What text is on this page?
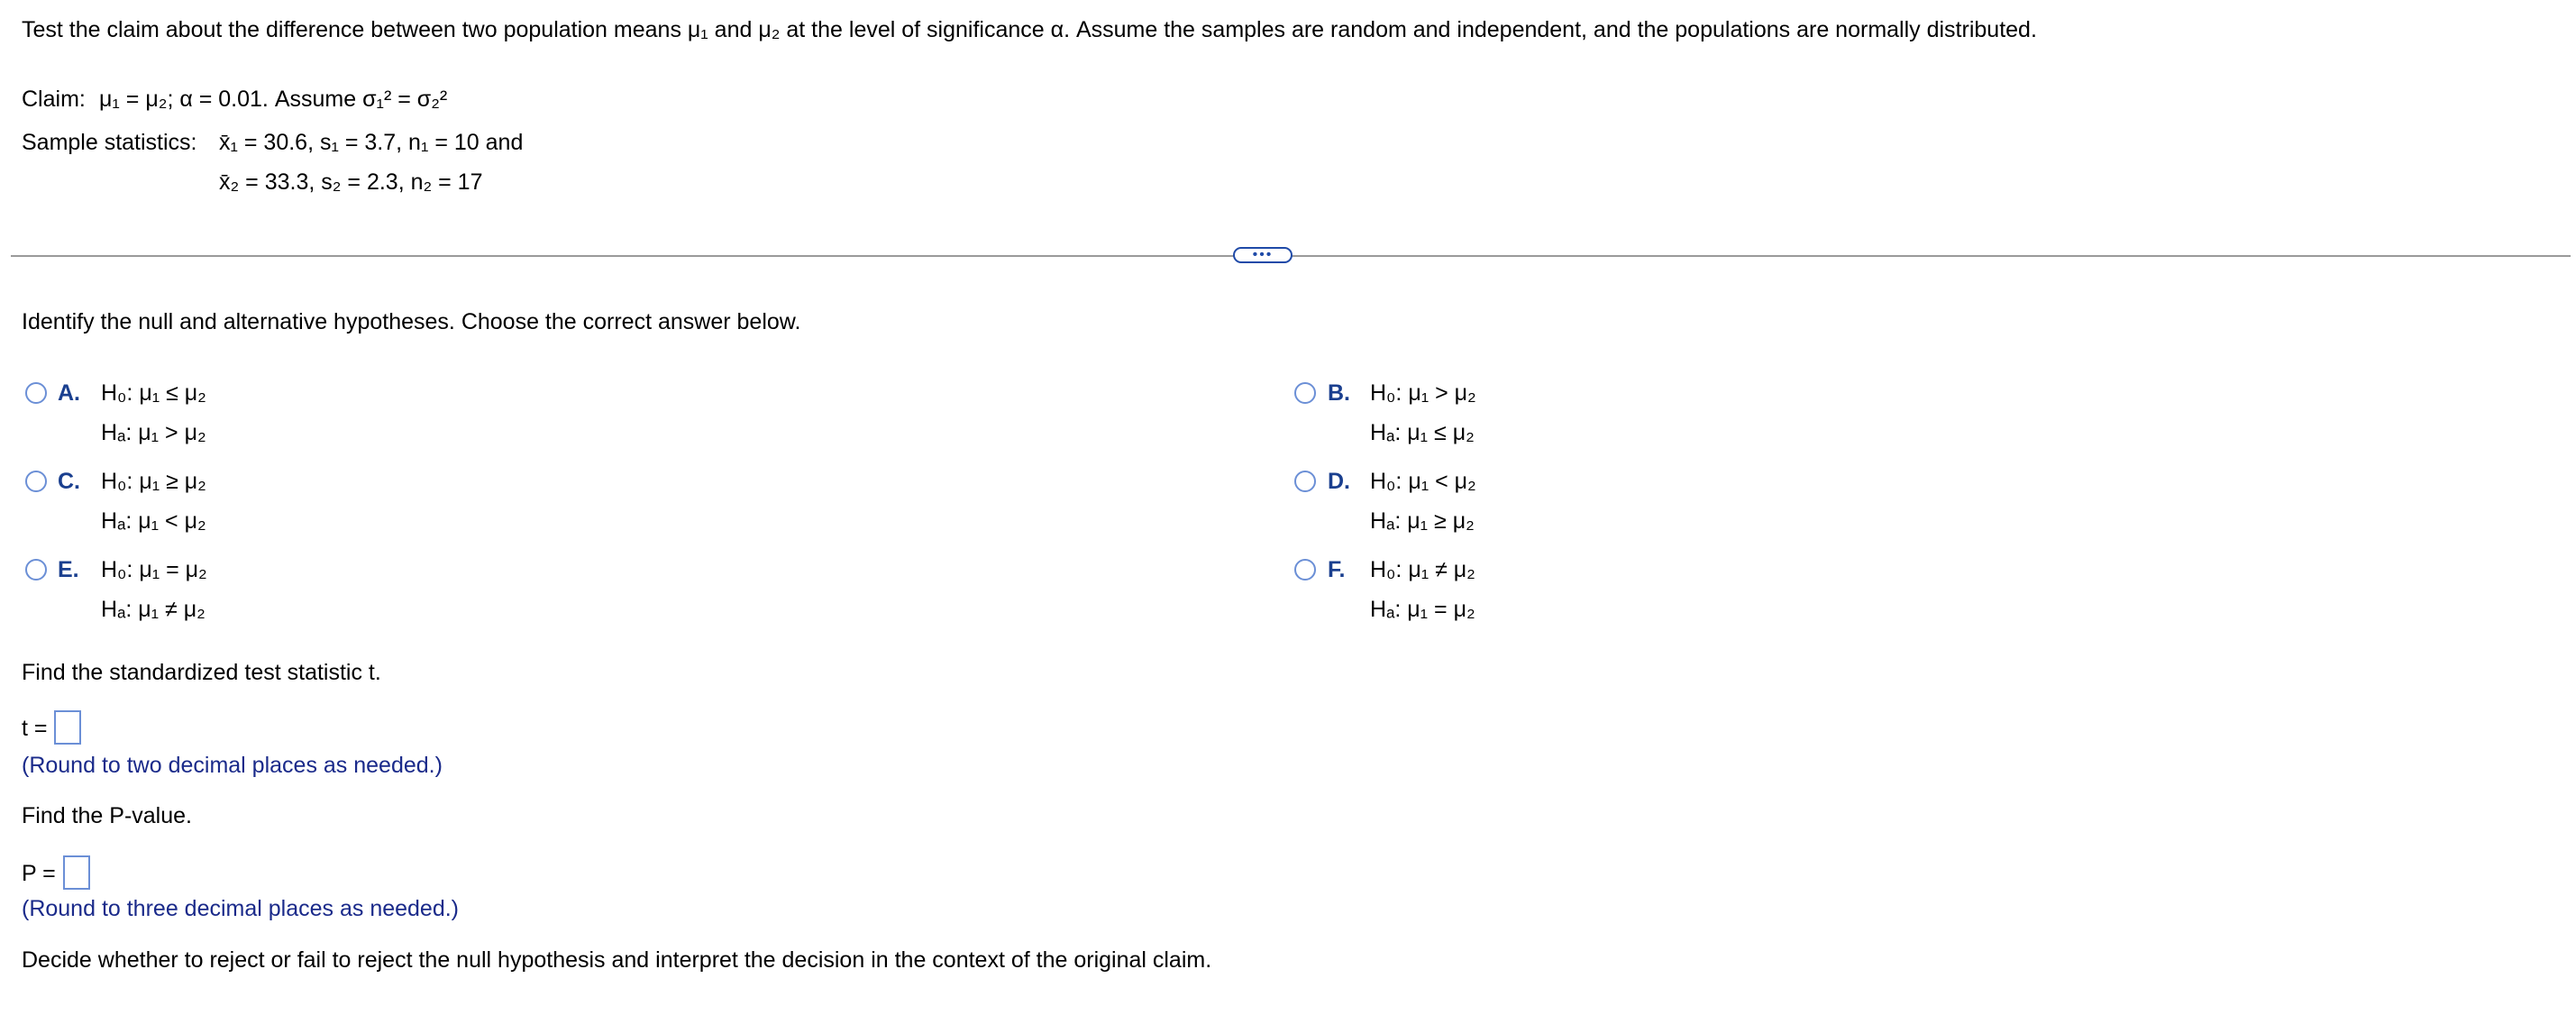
Test the claim about the difference between two population means μ₁ and μ₂ at the level of significance α. Assume the samples are random and independent, and the populations are normally distributed.
Claim: μ₁ = μ₂; α = 0.01. Assume σ₁² = σ₂²
Sample statistics: x̄₁ = 30.6, s₁ = 3.7, n₁ = 10 and
x̄₂ = 33.3, s₂ = 2.3, n₂ = 17
•••
Identify the null and alternative hypotheses. Choose the correct answer below.
A. H₀: μ₁ ≤ μ₂
Hₐ: μ₁ > μ₂
B. H₀: μ₁ > μ₂
Hₐ: μ₁ ≤ μ₂
C. H₀: μ₁ ≥ μ₂
Hₐ: μ₁ < μ₂
D. H₀: μ₁ < μ₂
Hₐ: μ₁ ≥ μ₂
E. H₀: μ₁ = μ₂
Hₐ: μ₁ ≠ μ₂
F. H₀: μ₁ ≠ μ₂
Hₐ: μ₁ = μ₂
Find the standardized test statistic t.
t =
(Round to two decimal places as needed.)
Find the P-value.
P =
(Round to three decimal places as needed.)
Decide whether to reject or fail to reject the null hypothesis and interpret the decision in the context of the original claim.
